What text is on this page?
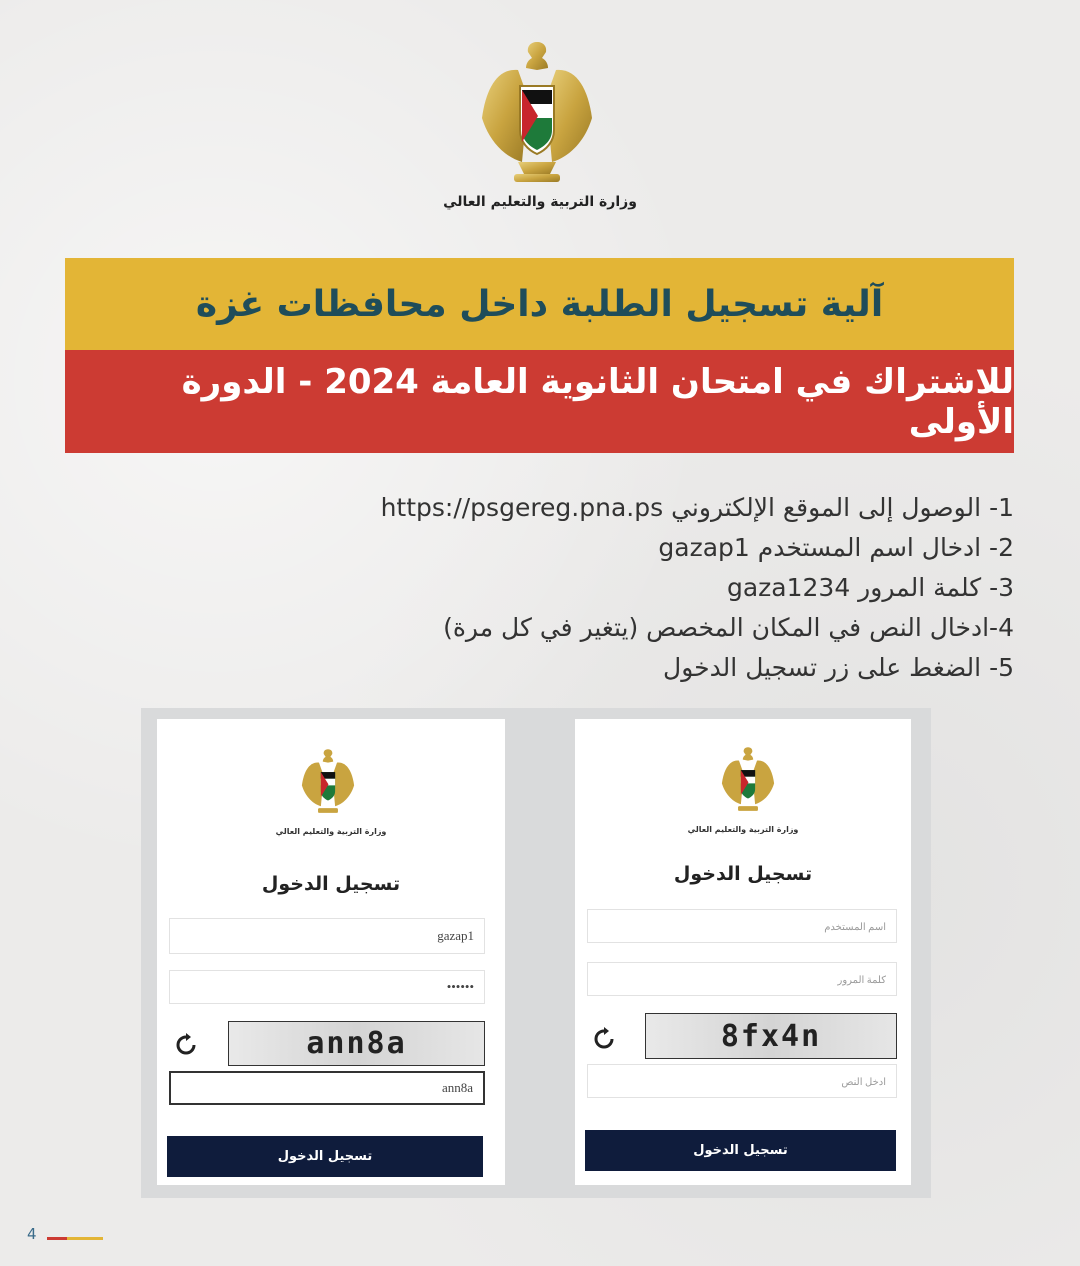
وزارة التربية والتعليم العالي
آلية تسجيل الطلبة داخل محافظات غزة
للاشتراك في امتحان الثانوية العامة 2024 - الدورة الأولى
1- الوصول إلى الموقع الإلكتروني https://psgereg.pna.ps
2- ادخال اسم المستخدم gazap1
3- كلمة المرور gaza1234
4-ادخال النص في المكان المخصص (يتغير في كل مرة)
5- الضغط على زر تسجيل الدخول
وزارة التربية والتعليم العالي
تسجيل الدخول
gazap1
••••••
ann8a
ann8a
تسجيل الدخول
وزارة التربية والتعليم العالي
تسجيل الدخول
اسم المستخدم
كلمة المرور
8fx4n
ادخل النص
تسجيل الدخول
4
